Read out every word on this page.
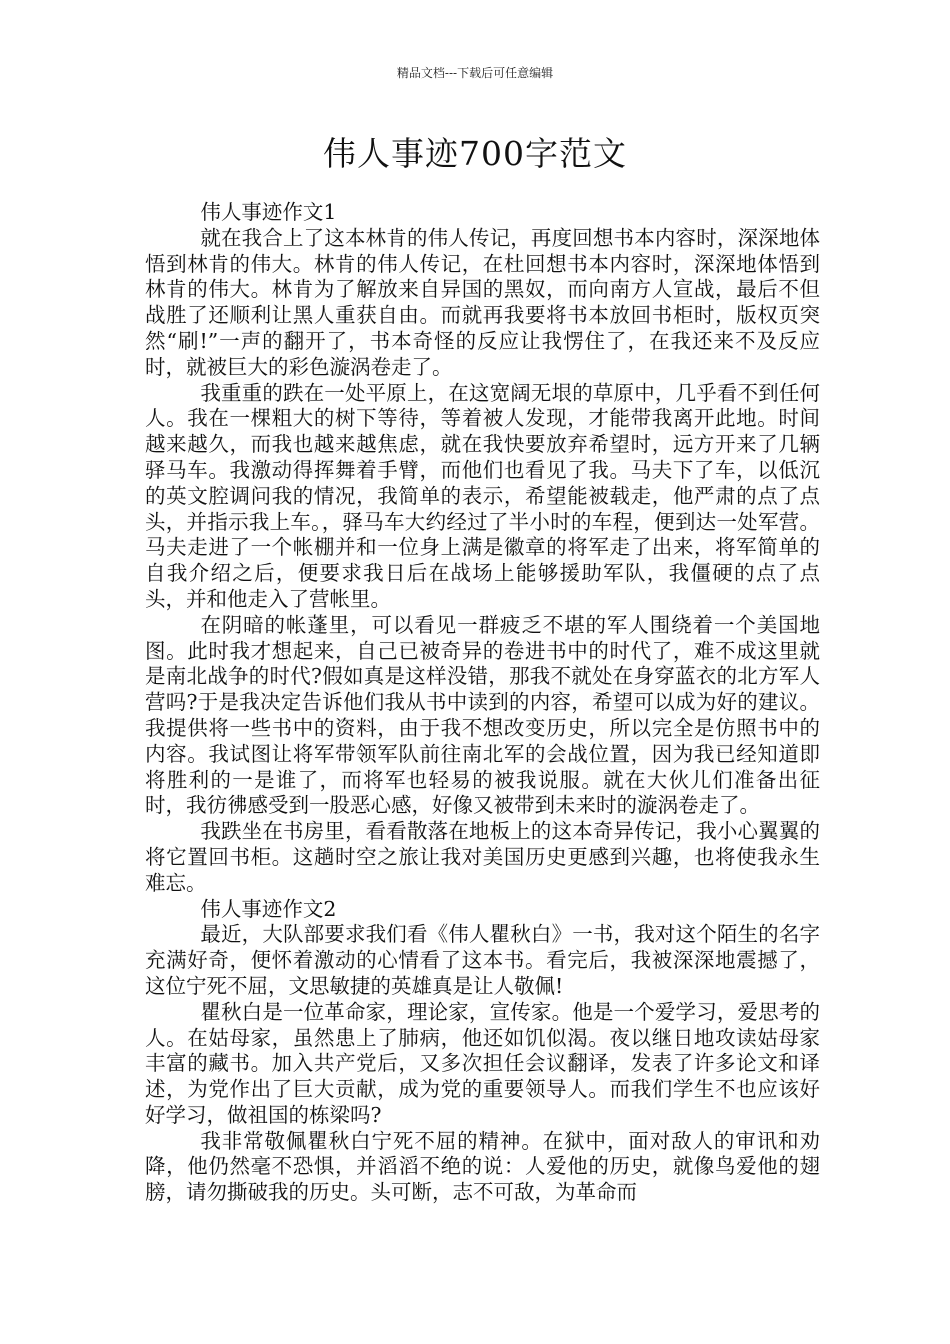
精品文档---下载后可任意编辑
伟人事迹700字范文

伟人事迹作文1

就在我合上了这本林肯的伟人传记，再度回想书本内容时，深深地体悟到林肯的伟大。林肯的伟人传记，在杜回想书本内容时，深深地体悟到林肯的伟大。林肯为了解放来自异国的黑奴，而向南方人宣战，最后不但战胜了还顺利让黑人重获自由。而就再我要将书本放回书柜时，版权页突然“刷!”一声的翻开了，书本奇怪的反应让我愣住了，在我还来不及反应时，就被巨大的彩色漩涡卷走了。

我重重的跌在一处平原上，在这宽阔无垠的草原中，几乎看不到任何人。我在一棵粗大的树下等待，等着被人发现，才能带我离开此地。时间越来越久，而我也越来越焦虑，就在我快要放弃希望时，远方开来了几辆驿马车。我激动得挥舞着手臂，而他们也看见了我。马夫下了车，以低沉的英文腔调问我的情况，我简单的表示，希望能被载走，他严肃的点了点头，并指示我上车。，驿马车大约经过了半小时的车程，便到达一处军营。马夫走进了一个帐棚并和一位身上满是徽章的将军走了出来，将军简单的自我介绍之后，便要求我日后在战场上能够援助军队，我僵硬的点了点头，并和他走入了营帐里。

在阴暗的帐蓬里，可以看见一群疲乏不堪的军人围绕着一个美国地图。此时我才想起来，自己已被奇异的卷进书中的时代了，难不成这里就是南北战争的时代?假如真是这样没错，那我不就处在身穿蓝衣的北方军人营吗?于是我决定告诉他们我从书中读到的内容，希望可以成为好的建议。我提供将一些书中的资料，由于我不想改变历史，所以完全是仿照书中的内容。我试图让将军带领军队前往南北军的会战位置，因为我已经知道即将胜利的一是谁了，而将军也轻易的被我说服。就在大伙儿们准备出征时，我彷彿感受到一股恶心感，好像又被带到未来时的漩涡卷走了。

我跌坐在书房里，看看散落在地板上的这本奇异传记，我小心翼翼的将它置回书柜。这趟时空之旅让我对美国历史更感到兴趣，也将使我永生难忘。

伟人事迹作文2

最近，大队部要求我们看《伟人瞿秋白》一书，我对这个陌生的名字充满好奇，便怀着激动的心情看了这本书。看完后，我被深深地震撼了，这位宁死不屈，文思敏捷的英雄真是让人敬佩!

瞿秋白是一位革命家，理论家，宣传家。他是一个爱学习，爱思考的人。在姑母家，虽然患上了肺病，他还如饥似渴。夜以继日地攻读姑母家丰富的藏书。加入共产党后，又多次担任会议翻译，发表了许多论文和译述，为党作出了巨大贡献，成为党的重要领导人。而我们学生不也应该好好学习，做祖国的栋梁吗?

我非常敬佩瞿秋白宁死不屈的精神。在狱中，面对敌人的审讯和劝降，他仍然毫不恐惧，并滔滔不绝的说：人爱他的历史，就像鸟爱他的翅膀，请勿撕破我的历史。头可断，志不可敌，为革命而
